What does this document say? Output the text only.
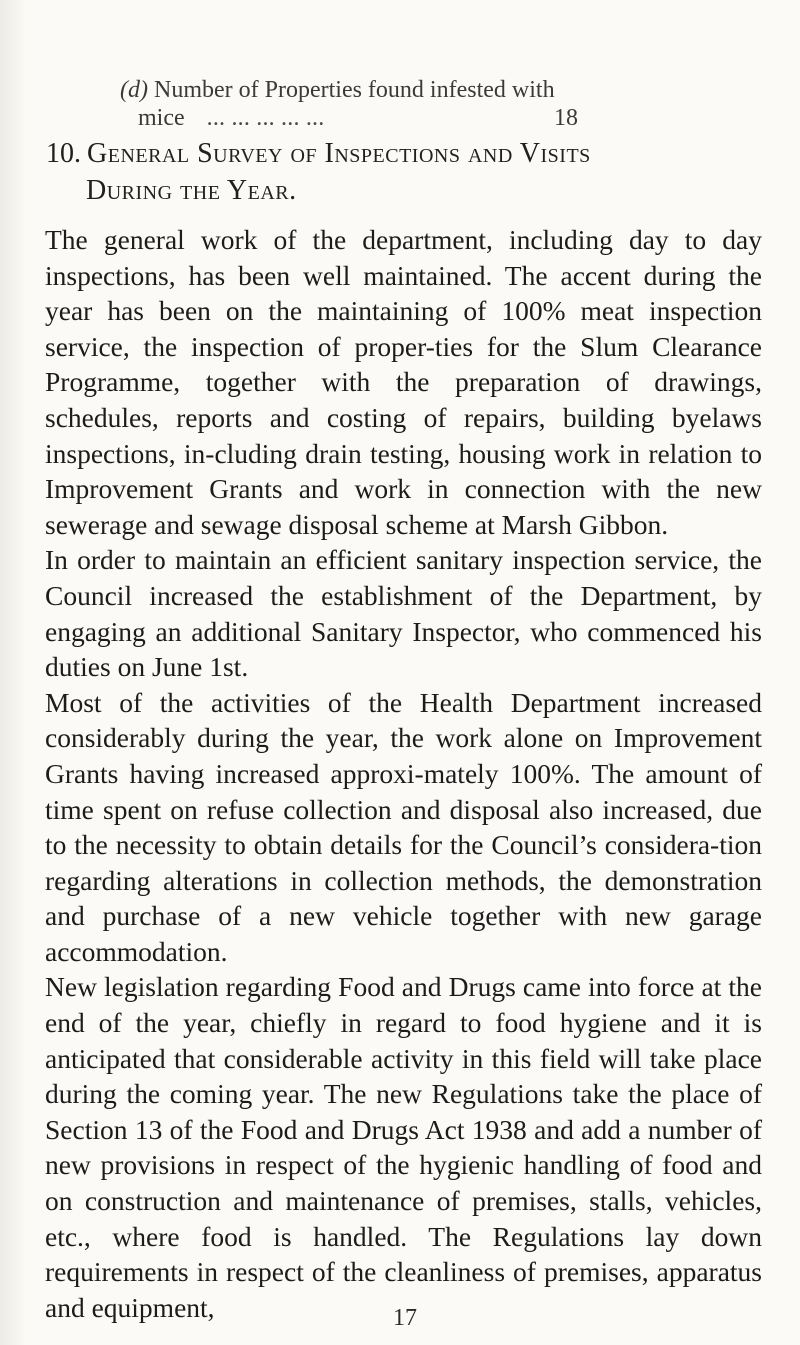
(d) Number of Properties found infested with
mice ... ... ... ... ...	18
10. General Survey of Inspections and Visits
During the Year.

The general work of the department, including day to day inspections, has been well maintained. The accent during the year has been on the maintaining of 100% meat inspection service, the inspection of proper-ties for the Slum Clearance Programme, together with the preparation of drawings, schedules, reports and costing of repairs, building byelaws inspections, in-cluding drain testing, housing work in relation to Improvement Grants and work in connection with the new sewerage and sewage disposal scheme at Marsh Gibbon.

In order to maintain an efficient sanitary inspection service, the Council increased the establishment of the Department, by engaging an additional Sanitary Inspector, who commenced his duties on June 1st.

Most of the activities of the Health Department increased considerably during the year, the work alone on Improvement Grants having increased approxi-mately 100%. The amount of time spent on refuse collection and disposal also increased, due to the necessity to obtain details for the Council’s considera-tion regarding alterations in collection methods, the demonstration and purchase of a new vehicle together with new garage accommodation.

New legislation regarding Food and Drugs came into force at the end of the year, chiefly in regard to food hygiene and it is anticipated that considerable activity in this field will take place during the coming year. The new Regulations take the place of Section 13 of the Food and Drugs Act 1938 and add a number of new provisions in respect of the hygienic handling of food and on construction and maintenance of premises, stalls, vehicles, etc., where food is handled. The Regulations lay down requirements in respect of the cleanliness of premises, apparatus and equipment,	17
